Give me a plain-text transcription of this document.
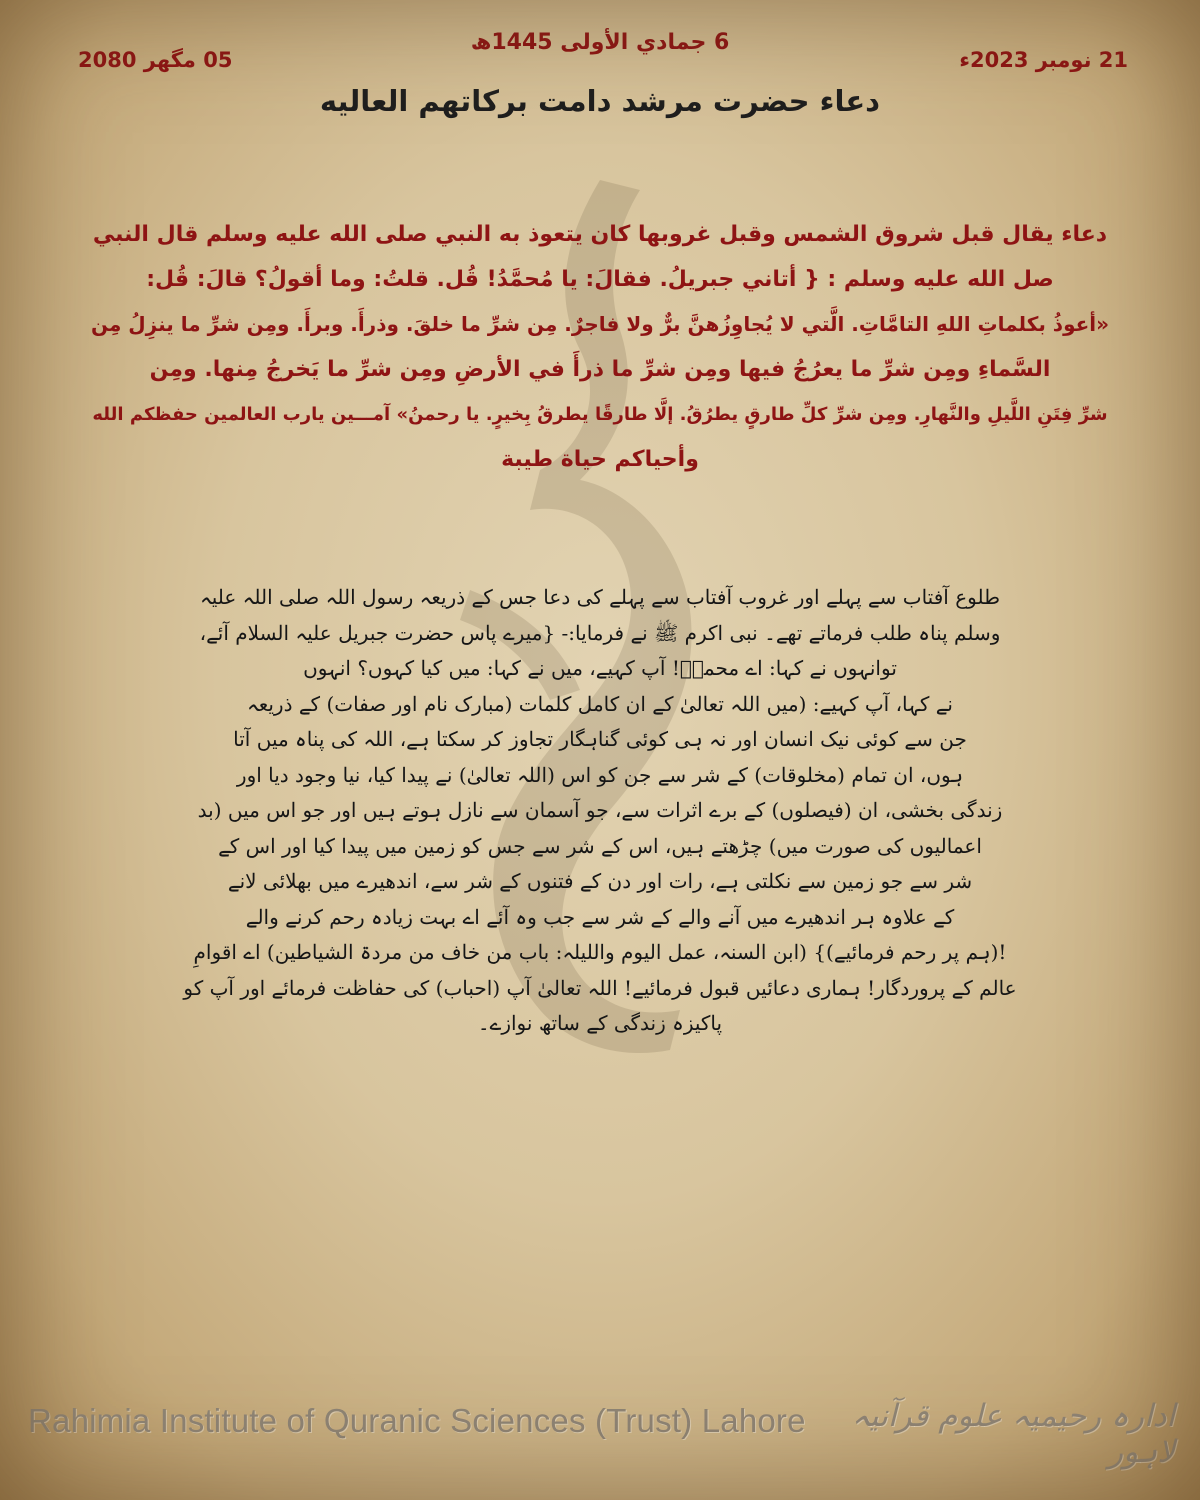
6 جمادي الأولى 1445ھ
21 نومبر 2023ء
05 مگھر 2080
دعاء حضرت مرشد دامت برکاتهم العاليه
دعاء يقال قبل شروق الشمس وقبل غروبها كان يتعوذ به النبي صلى الله عليه وسلم قال النبي
صل الله عليه وسلم : { أتاني جبريلُ. فقالَ: يا مُحمَّدُ! قُل. قلتُ: وما أقولُ؟ قالَ: قُل:
«أعوذُ بكلماتِ اللهِ التامَّاتِ. الَّتي لا يُجاوِزُهنَّ برٌّ ولا فاجرٌ. مِن شرِّ ما خلقَ. وذرأَ. وبرأَ. ومِن شرِّ ما ينزِلُ مِن
السَّماءِ ومِن شرِّ ما يعرُجُ فيها ومِن شرِّ ما ذرأَ في الأرضِ ومِن شرِّ ما يَخرجُ مِنها. ومِن
شرِّ فِتَنِ اللَّيلِ والنَّهارِ. ومِن شرِّ كلِّ طارقٍ يطرُقُ. إلَّا طارقًا يطرقُ بِخيرٍ. يا رحمنُ» آمـــين يارب العالمين حفظكم الله
وأحياكم حياة طيبة
طلوع آفتاب سے پہلے اور غروب آفتاب سے پہلے کی دعا جس کے ذریعہ رسول اللہ صلی اللہ علیہ
وسلم پناہ طلب فرماتے تھے۔ نبی اکرم ﷺ نے فرمایا:- {میرے پاس حضرت جبریل علیہ السلام آئے،
توانہوں نے کہا: اے محمدؐ! آپ کہیے، میں نے کہا: میں کیا کہوں؟ انہوں
نے کہا، آپ کہیے: (میں اللہ تعالیٰ کے ان کامل کلمات (مبارک نام اور صفات) کے ذریعہ
جن سے کوئی نیک انسان اور نہ ہی کوئی گناہگار تجاوز کر سکتا ہے، اللہ کی پناہ میں آتا
ہوں، ان تمام (مخلوقات) کے شر سے جن کو اس (اللہ تعالیٰ) نے پیدا کیا، نیا وجود دیا اور
زندگی بخشی، ان (فیصلوں) کے برے اثرات سے، جو آسمان سے نازل ہوتے ہیں اور جو اس میں (بد
اعمالیوں کی صورت میں) چڑھتے ہیں، اس کے شر سے جس کو زمین میں پیدا کیا اور اس کے
شر سے جو زمین سے نکلتی ہے، رات اور دن کے فتنوں کے شر سے، اندھیرے میں بھلائی لانے
کے علاوہ ہر اندھیرے میں آنے والے کے شر سے جب وہ آئے اے بہت زیادہ رحم کرنے والے
!(ہم پر رحم فرمائیے)} (ابن السنہ، عمل الیوم واللیلہ: باب من خاف من مردۃ الشیاطین) اے اقوامِ
عالم کے پروردگار! ہماری دعائیں قبول فرمائیے! اللہ تعالیٰ آپ (احباب) کی حفاظت فرمائے اور آپ کو
پاکیزہ زندگی کے ساتھ نوازے۔
Rahimia Institute of Quranic Sciences (Trust) Lahore	ادارہ رحیمیہ علوم قرآنیہ لاہور
